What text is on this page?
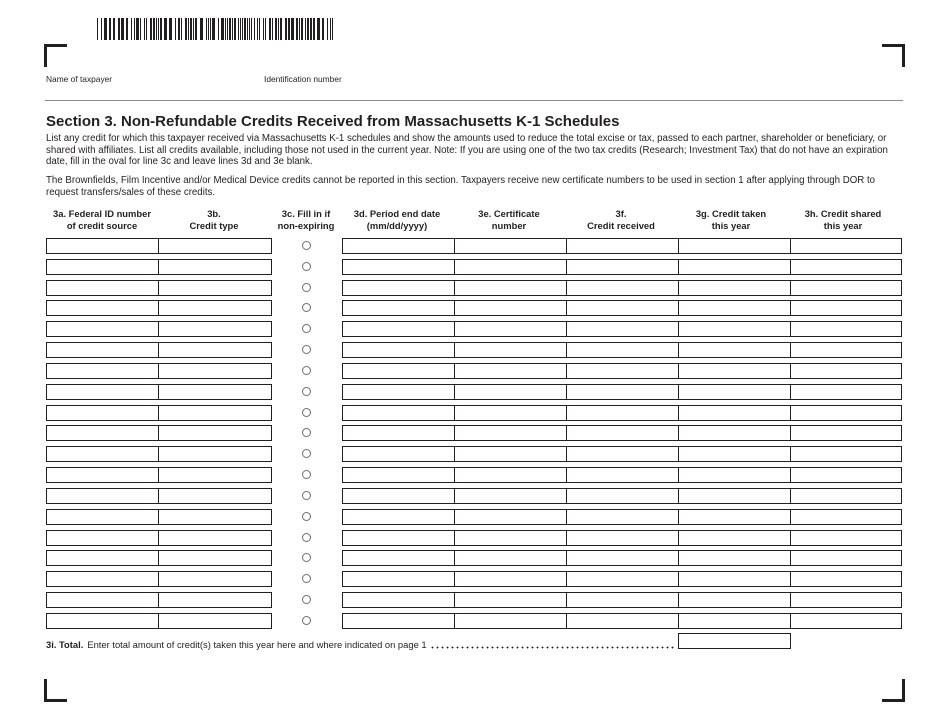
Name of taxpayer	Identification number
Section 3. Non-Refundable Credits Received from Massachusetts K-1 Schedules

List any credit for which this taxpayer received via Massachusetts K-1 schedules and show the amounts used to reduce the total excise or tax, passed to each partner, shareholder or beneficiary, or shared with affiliates. List all credits available, including those not used in the current year. Note: If you are using one of the two tax credits (Research; Investment Tax) that do not have an expiration date, fill in the oval for line 3c and leave lines 3d and 3e blank.

The Brownfields, Film Incentive and/or Medical Device credits cannot be reported in this section. Taxpayers receive new certificate numbers to be used in section 1 after applying through DOR to request transfers/sales of these credits.

3a. Federal ID number
of credit source
3b.
Credit type
3c. Fill in if
non-expiring
3d. Period end date
(mm/dd/yyyy)
3e. Certificate
number
3f.
Credit received
3g. Credit taken
this year
3h. Credit shared
this year
3i. Total. Enter total amount of credit(s) taken this year here and where indicated on page 1
